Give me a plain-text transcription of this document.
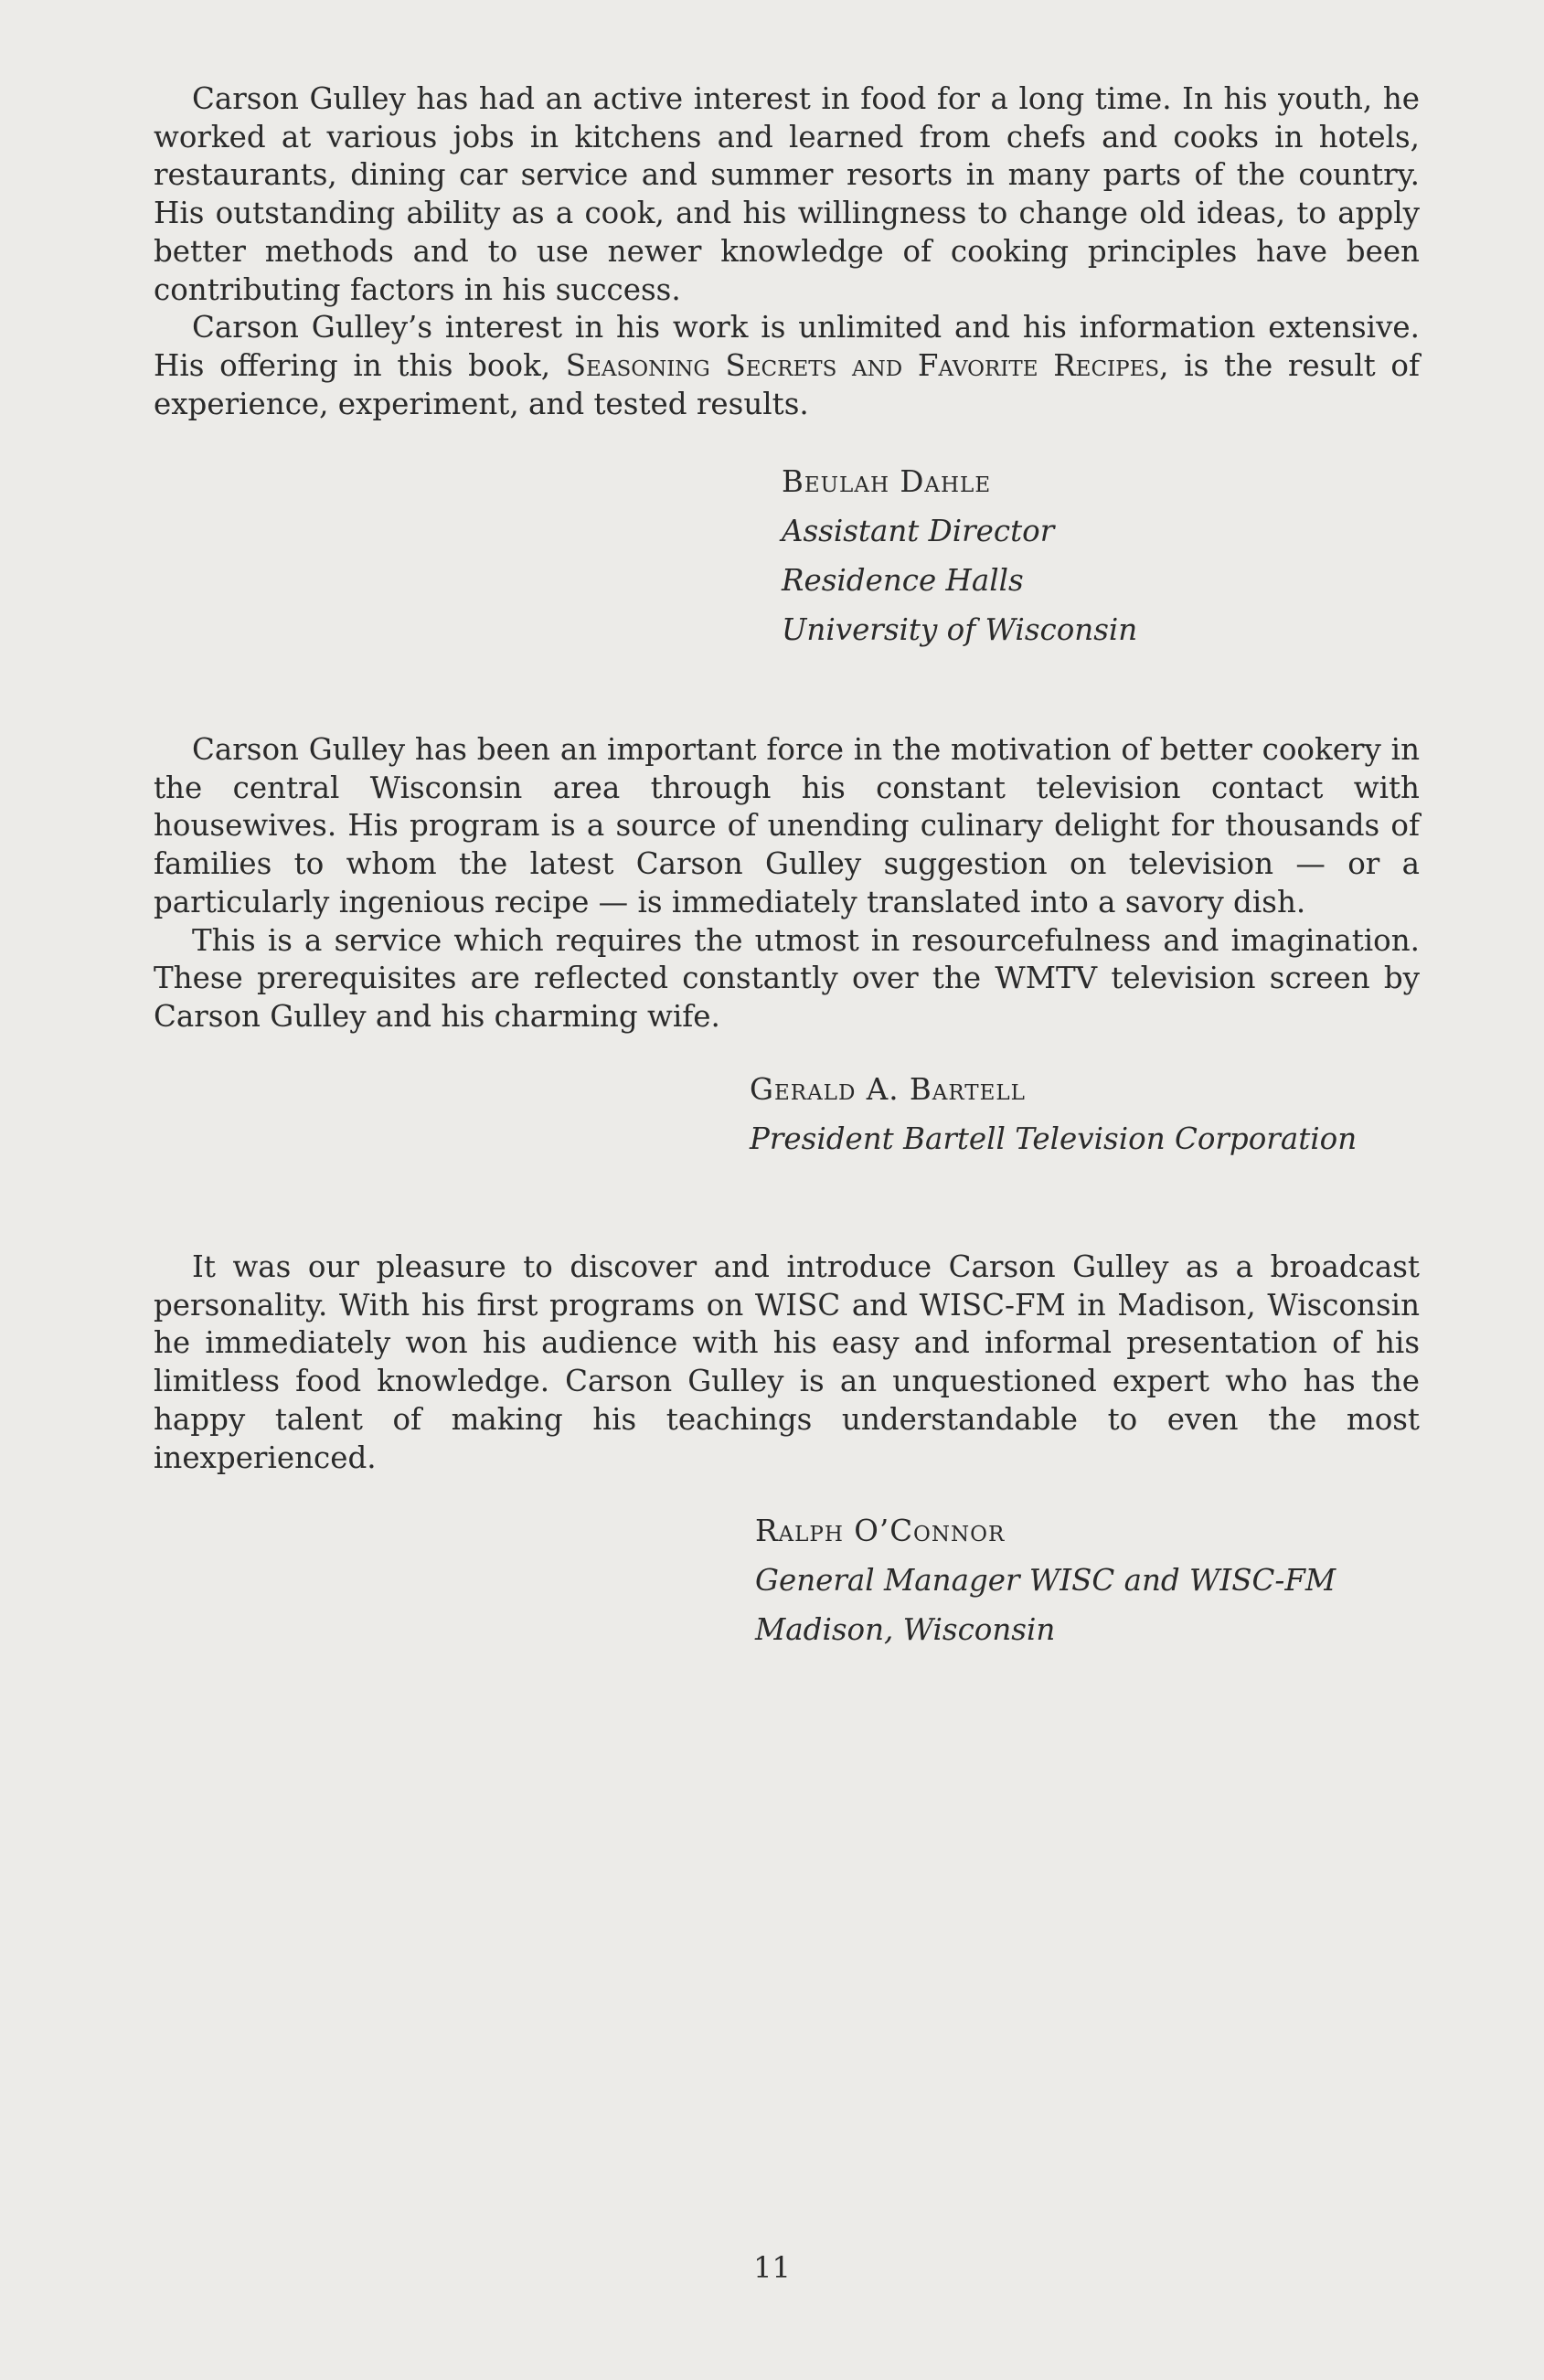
Carson Gulley has had an active interest in food for a long time. In his youth, he worked at various jobs in kitchens and learned from chefs and cooks in hotels, restaurants, dining car service and summer resorts in many parts of the country. His outstanding ability as a cook, and his willingness to change old ideas, to apply better methods and to use newer knowledge of cooking principles have been contributing factors in his success.

Carson Gulley’s interest in his work is unlimited and his information extensive. His offering in this book, Seasoning Secrets and Favorite Recipes, is the result of experience, experiment, and tested results.

Beulah Dahle
Assistant Director
Residence Halls
University of Wisconsin

Carson Gulley has been an important force in the motivation of better cookery in the central Wisconsin area through his constant television contact with housewives. His program is a source of unending culinary delight for thousands of families to whom the latest Carson Gulley suggestion on television — or a particularly ingenious recipe — is immediately translated into a savory dish.

This is a service which requires the utmost in resourcefulness and imagination. These prerequisites are reflected constantly over the WMTV television screen by Carson Gulley and his charming wife.

Gerald A. Bartell
President Bartell Television Corporation

It was our pleasure to discover and introduce Carson Gulley as a broadcast personality. With his first programs on WISC and WISC-FM in Madison, Wisconsin he immediately won his audience with his easy and informal presentation of his limitless food knowledge. Carson Gulley is an unquestioned expert who has the happy talent of making his teachings understandable to even the most inexperienced.

Ralph O’Connor
General Manager WISC and WISC-FM
Madison, Wisconsin
11
